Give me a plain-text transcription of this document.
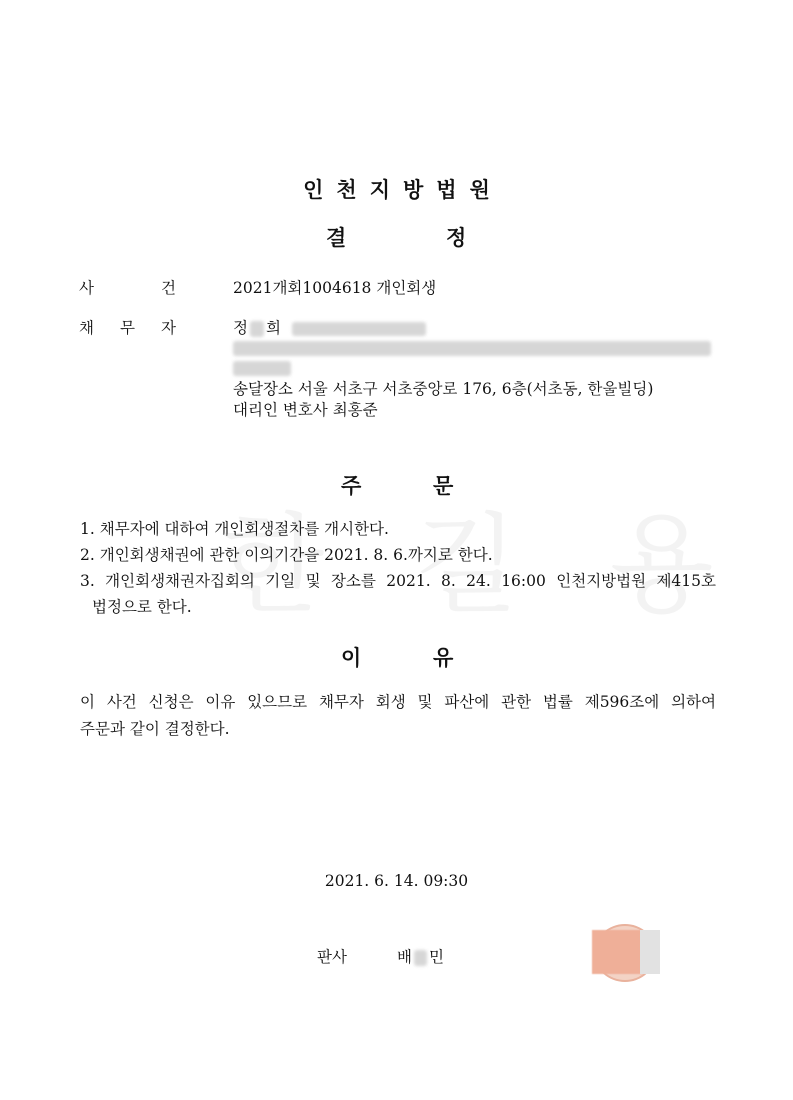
인천지방법원
결	정
사	건	2021개회1004618 개인회생
채 무 자	정 희
송달장소 서울 서초구 서초중앙로 176, 6층(서초동, 한울빌딩)
대리인 변호사 최홍준
주	문
1. 채무자에 대하여 개인회생절차를 개시한다.
2. 개인회생채권에 관한 이의기간을 2021. 8. 6.까지로 한다.
3. 개인회생채권자집회의 기일 및 장소를 2021. 8. 24. 16:00 인천지방법원 제415호
법정으로 한다.
이	유
이 사건 신청은 이유 있으므로 채무자 회생 및 파산에 관한 법률 제596조에 의하여
주문과 같이 결정한다.
2021. 6. 14. 09:30
판사	배 민
